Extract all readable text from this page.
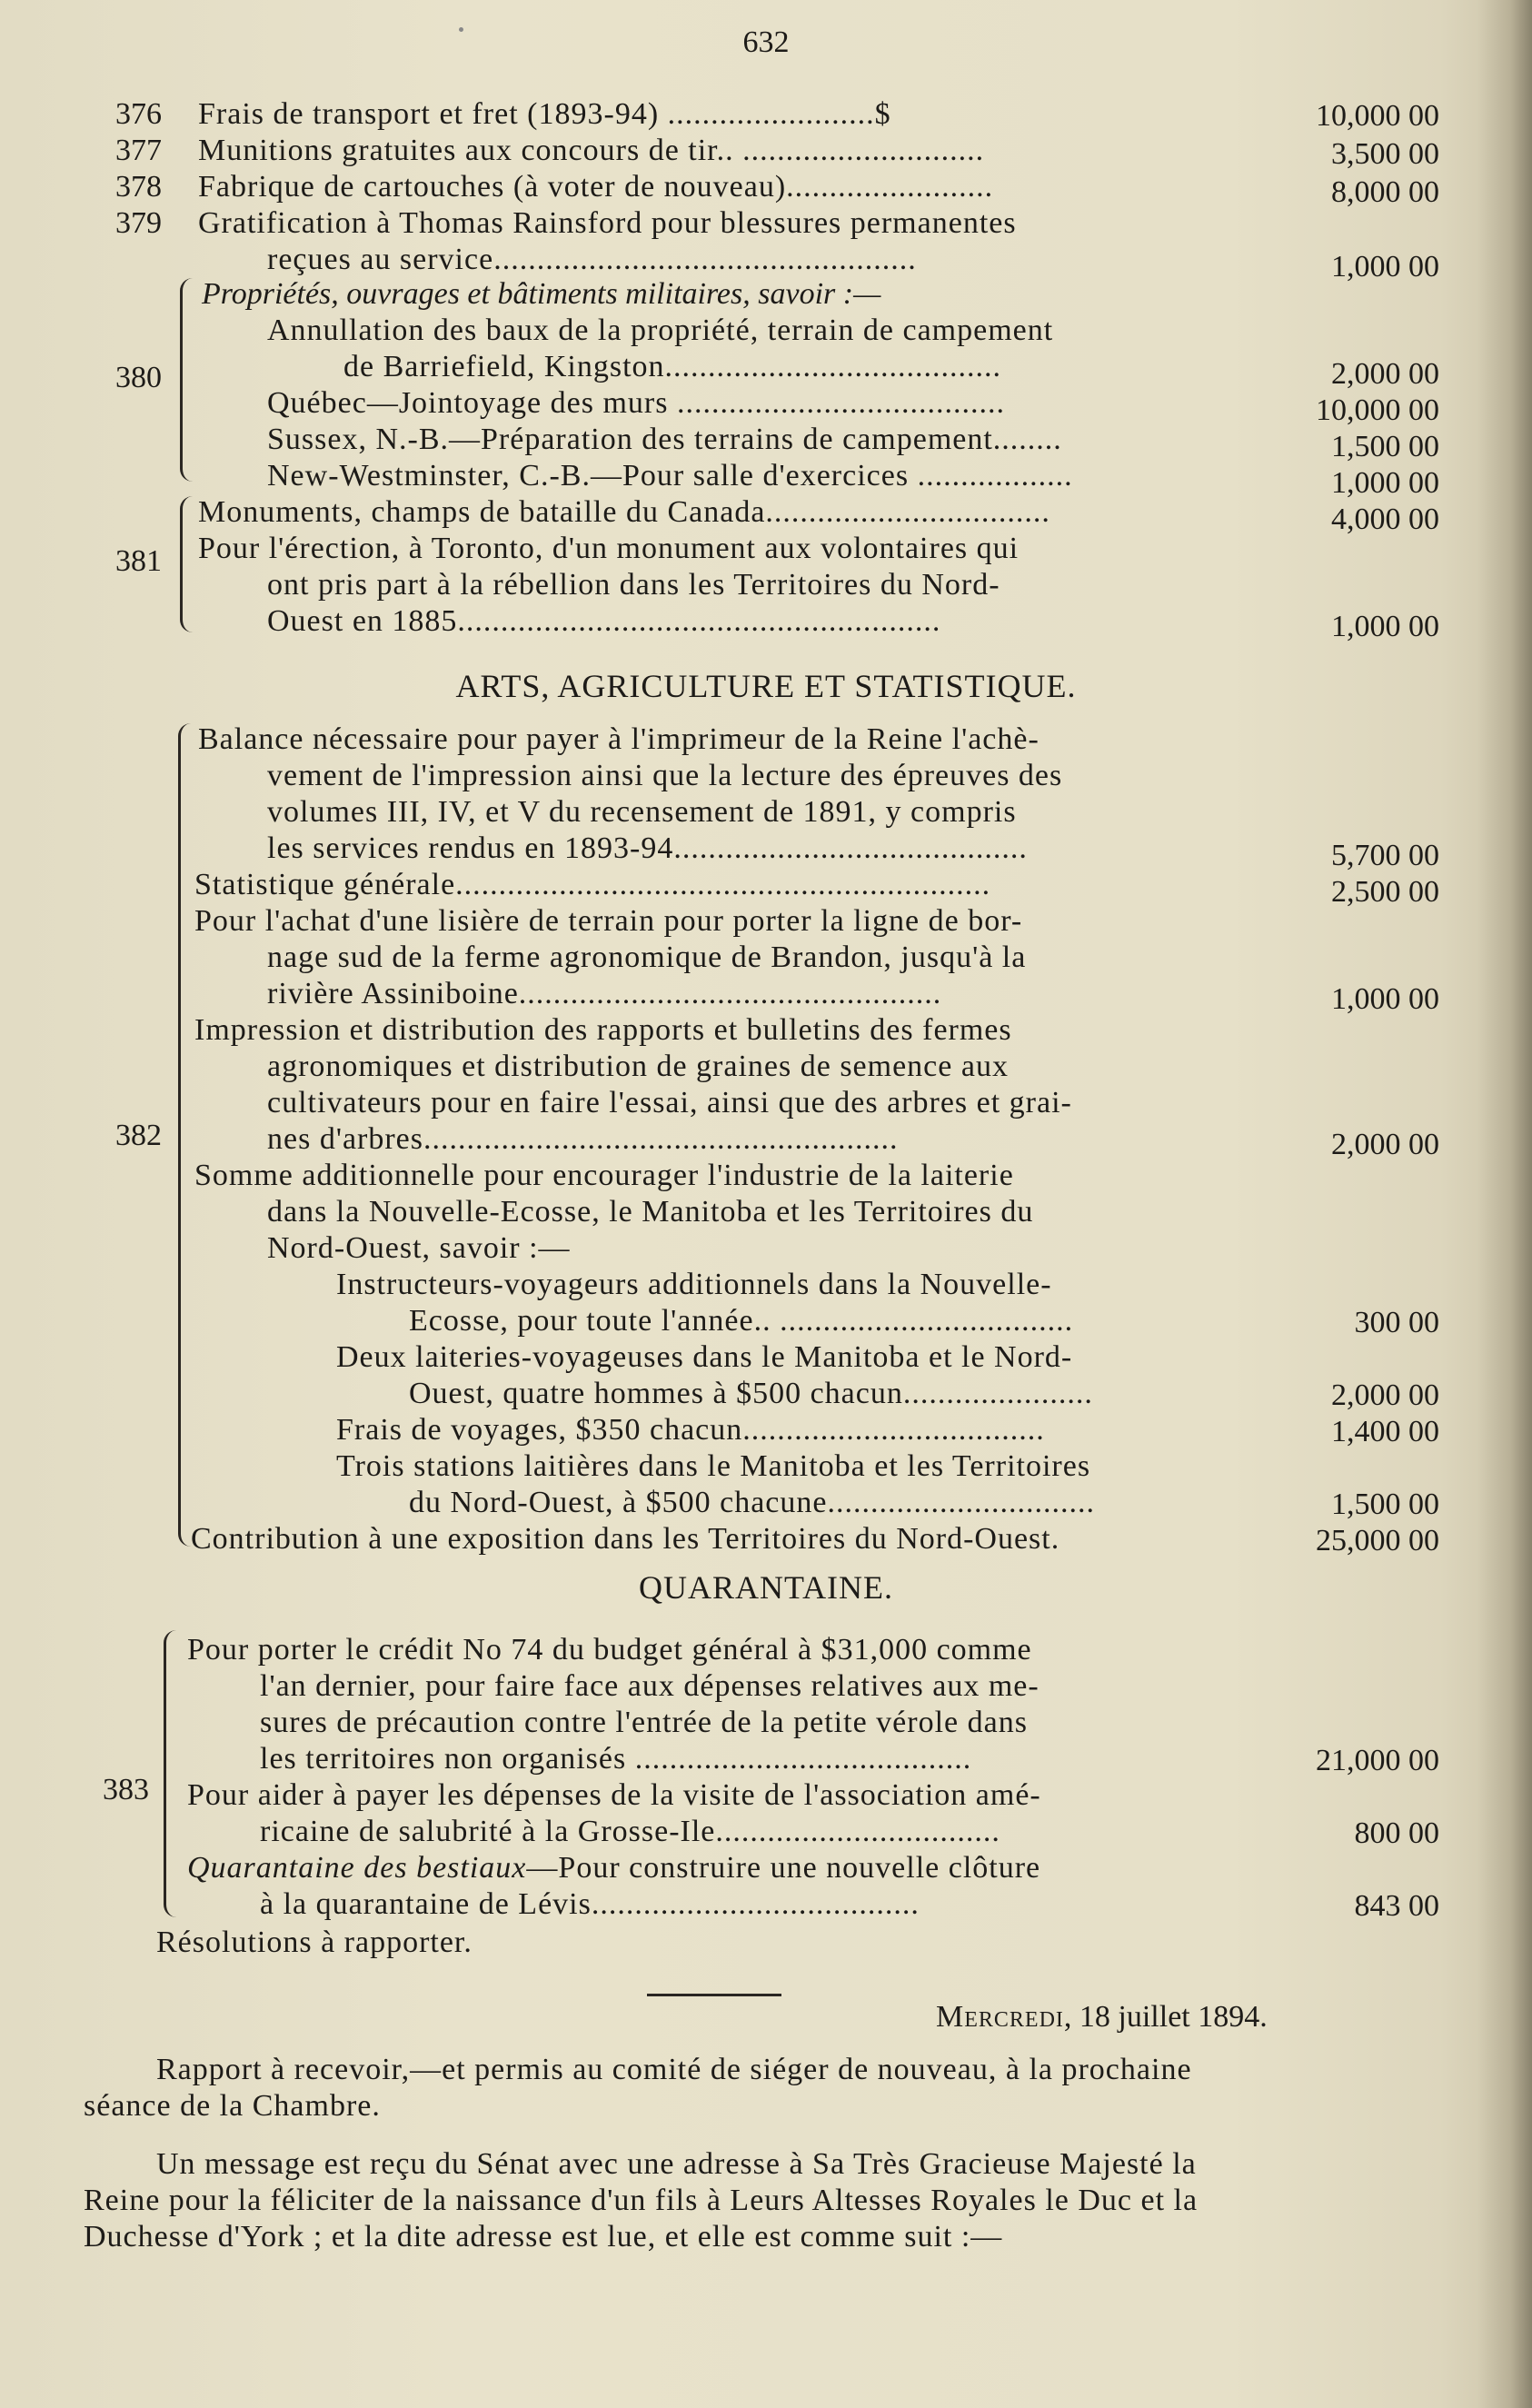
632
376 Frais de transport et fret (1893-94) ........................$	10,000 00
377 Munitions gratuites aux concours de tir.. ............................	3,500 00
378 Fabrique de cartouches (à voter de nouveau)........................	8,000 00
379 Gratification à Thomas Rainsford pour blessures permanentes
reçues au service.................................................	1,000 00
380
Propriétés, ouvrages et bâtiments militaires, savoir :—
Annullation des baux de la propriété, terrain de campement
de Barriefield, Kingston.......................................	2,000 00
Québec—Jointoyage des murs ......................................	10,000 00
Sussex, N.-B.—Préparation des terrains de campement........	1,500 00
New-Westminster, C.-B.—Pour salle d'exercices ..................	1,000 00
381
Monuments, champs de bataille du Canada.................................	4,000 00
Pour l'érection, à Toronto, d'un monument aux volontaires qui
ont pris part à la rébellion dans les Territoires du Nord-
Ouest en 1885........................................................	1,000 00
ARTS, AGRICULTURE ET STATISTIQUE.
382
Balance nécessaire pour payer à l'imprimeur de la Reine l'achè-
vement de l'impression ainsi que la lecture des épreuves des
volumes III, IV, et V du recensement de 1891, y compris
les services rendus en 1893-94.........................................	5,700 00
Statistique générale..............................................................	2,500 00
Pour l'achat d'une lisière de terrain pour porter la ligne de bor-
nage sud de la ferme agronomique de Brandon, jusqu'à la
rivière Assiniboine.................................................	1,000 00
Impression et distribution des rapports et bulletins des fermes
agronomiques et distribution de graines de semence aux
cultivateurs pour en faire l'essai, ainsi que des arbres et grai-
nes d'arbres.......................................................	2,000 00
Somme additionnelle pour encourager l'industrie de la laiterie
dans la Nouvelle-Ecosse, le Manitoba et les Territoires du
Nord-Ouest, savoir :—
Instructeurs-voyageurs additionnels dans la Nouvelle-
Ecosse, pour toute l'année.. ..................................	300 00
Deux laiteries-voyageuses dans le Manitoba et le Nord-
Ouest, quatre hommes à $500 chacun......................	2,000 00
Frais de voyages, $350 chacun...................................	1,400 00
Trois stations laitières dans le Manitoba et les Territoires
du Nord-Ouest, à $500 chacune...............................	1,500 00
Contribution à une exposition dans les Territoires du Nord-Ouest.	25,000 00
QUARANTAINE.
383
Pour porter le crédit No 74 du budget général à $31,000 comme
l'an dernier, pour faire face aux dépenses relatives aux me-
sures de précaution contre l'entrée de la petite vérole dans
les territoires non organisés .......................................	21,000 00
Pour aider à payer les dépenses de la visite de l'association amé-
ricaine de salubrité à la Grosse-Ile.................................	800 00
Quarantaine des bestiaux—Pour construire une nouvelle clôture
à la quarantaine de Lévis......................................	843 00
Résolutions à rapporter.
Mercredi, 18 juillet 1894.
Rapport à recevoir,—et permis au comité de siéger de nouveau, à la prochaine
séance de la Chambre.
Un message est reçu du Sénat avec une adresse à Sa Très Gracieuse Majesté la
Reine pour la féliciter de la naissance d'un fils à Leurs Altesses Royales le Duc et la
Duchesse d'York ; et la dite adresse est lue, et elle est comme suit :—
